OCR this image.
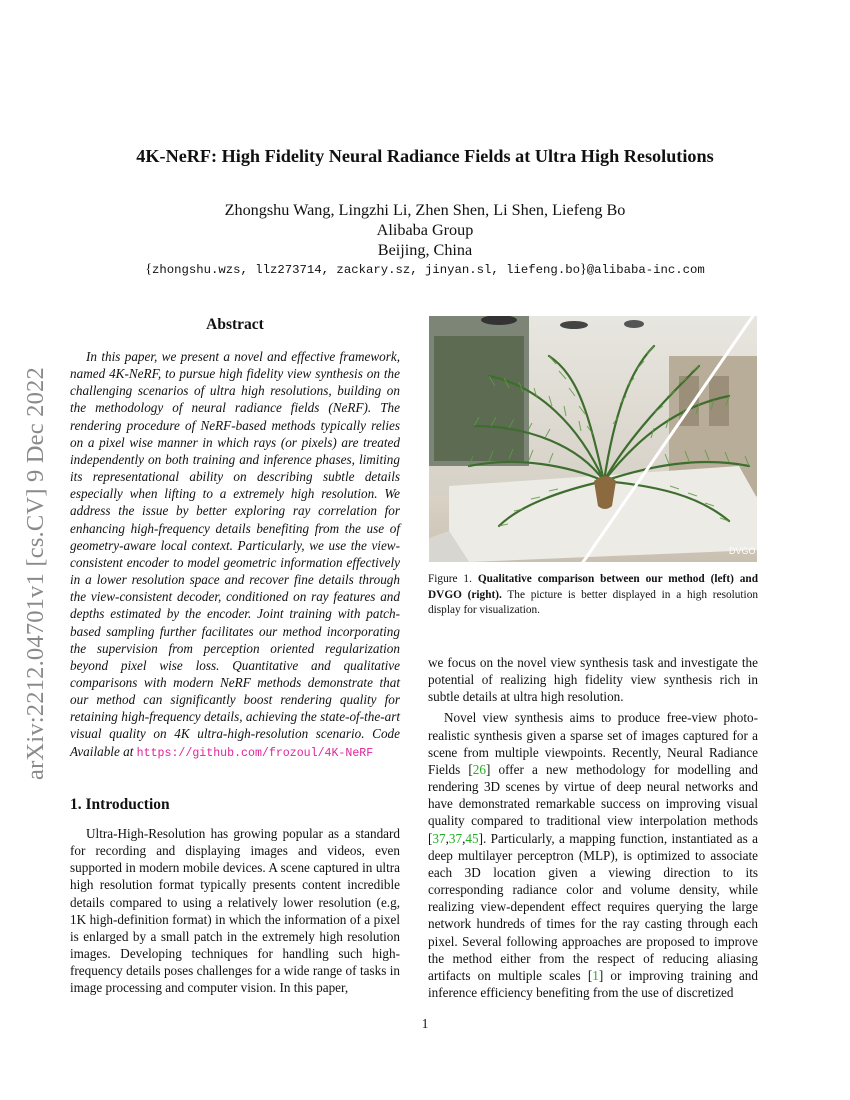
arXiv:2212.04701v1 [cs.CV] 9 Dec 2022
4K-NeRF: High Fidelity Neural Radiance Fields at Ultra High Resolutions
Zhongshu Wang, Lingzhi Li, Zhen Shen, Li Shen, Liefeng Bo
Alibaba Group
Beijing, China
{zhongshu.wzs, llz273714, zackary.sz, jinyan.sl, liefeng.bo}@alibaba-inc.com
Abstract
In this paper, we present a novel and effective framework, named 4K-NeRF, to pursue high fidelity view synthesis on the challenging scenarios of ultra high resolutions, building on the methodology of neural radiance fields (NeRF). The rendering procedure of NeRF-based methods typically relies on a pixel wise manner in which rays (or pixels) are treated independently on both training and inference phases, limiting its representational ability on describing subtle details especially when lifting to a extremely high resolution. We address the issue by better exploring ray correlation for enhancing high-frequency details benefiting from the use of geometry-aware local context. Particularly, we use the view-consistent encoder to model geometric information effectively in a lower resolution space and recover fine details through the view-consistent decoder, conditioned on ray features and depths estimated by the encoder. Joint training with patch-based sampling further facilitates our method incorporating the supervision from perception oriented regularization beyond pixel wise loss. Quantitative and qualitative comparisons with modern NeRF methods demonstrate that our method can significantly boost rendering quality for retaining high-frequency details, achieving the state-of-the-art visual quality on 4K ultra-high-resolution scenario. Code Available at https://github.com/frozoul/4K-NeRF
1. Introduction
Ultra-High-Resolution has growing popular as a standard for recording and displaying images and videos, even supported in modern mobile devices. A scene captured in ultra high resolution format typically presents content incredible details compared to using a relatively lower resolution (e.g, 1K high-definition format) in which the information of a pixel is enlarged by a small patch in the extremely high resolution images. Developing techniques for handling such high-frequency details poses challenges for a wide range of tasks in image processing and computer vision. In this paper,
DVGO
Figure 1. Qualitative comparison between our method (left) and DVGO (right). The picture is better displayed in a high resolution display for visualization.

we focus on the novel view synthesis task and investigate the potential of realizing high fidelity view synthesis rich in subtle details at ultra high resolution.

Novel view synthesis aims to produce free-view photo-realistic synthesis given a sparse set of images captured for a scene from multiple viewpoints. Recently, Neural Radiance Fields [26] offer a new methodology for modelling and rendering 3D scenes by virtue of deep neural networks and have demonstrated remarkable success on improving visual quality compared to traditional view interpolation methods [37,37,45]. Particularly, a mapping function, instantiated as a deep multilayer perceptron (MLP), is optimized to associate each 3D location given a viewing direction to its corresponding radiance color and volume density, while realizing view-dependent effect requires querying the large network hundreds of times for the ray casting through each pixel. Several following approaches are proposed to improve the method either from the respect of reducing aliasing artifacts on multiple scales [1] or improving training and inference efficiency benefiting from the use of discretized

1
